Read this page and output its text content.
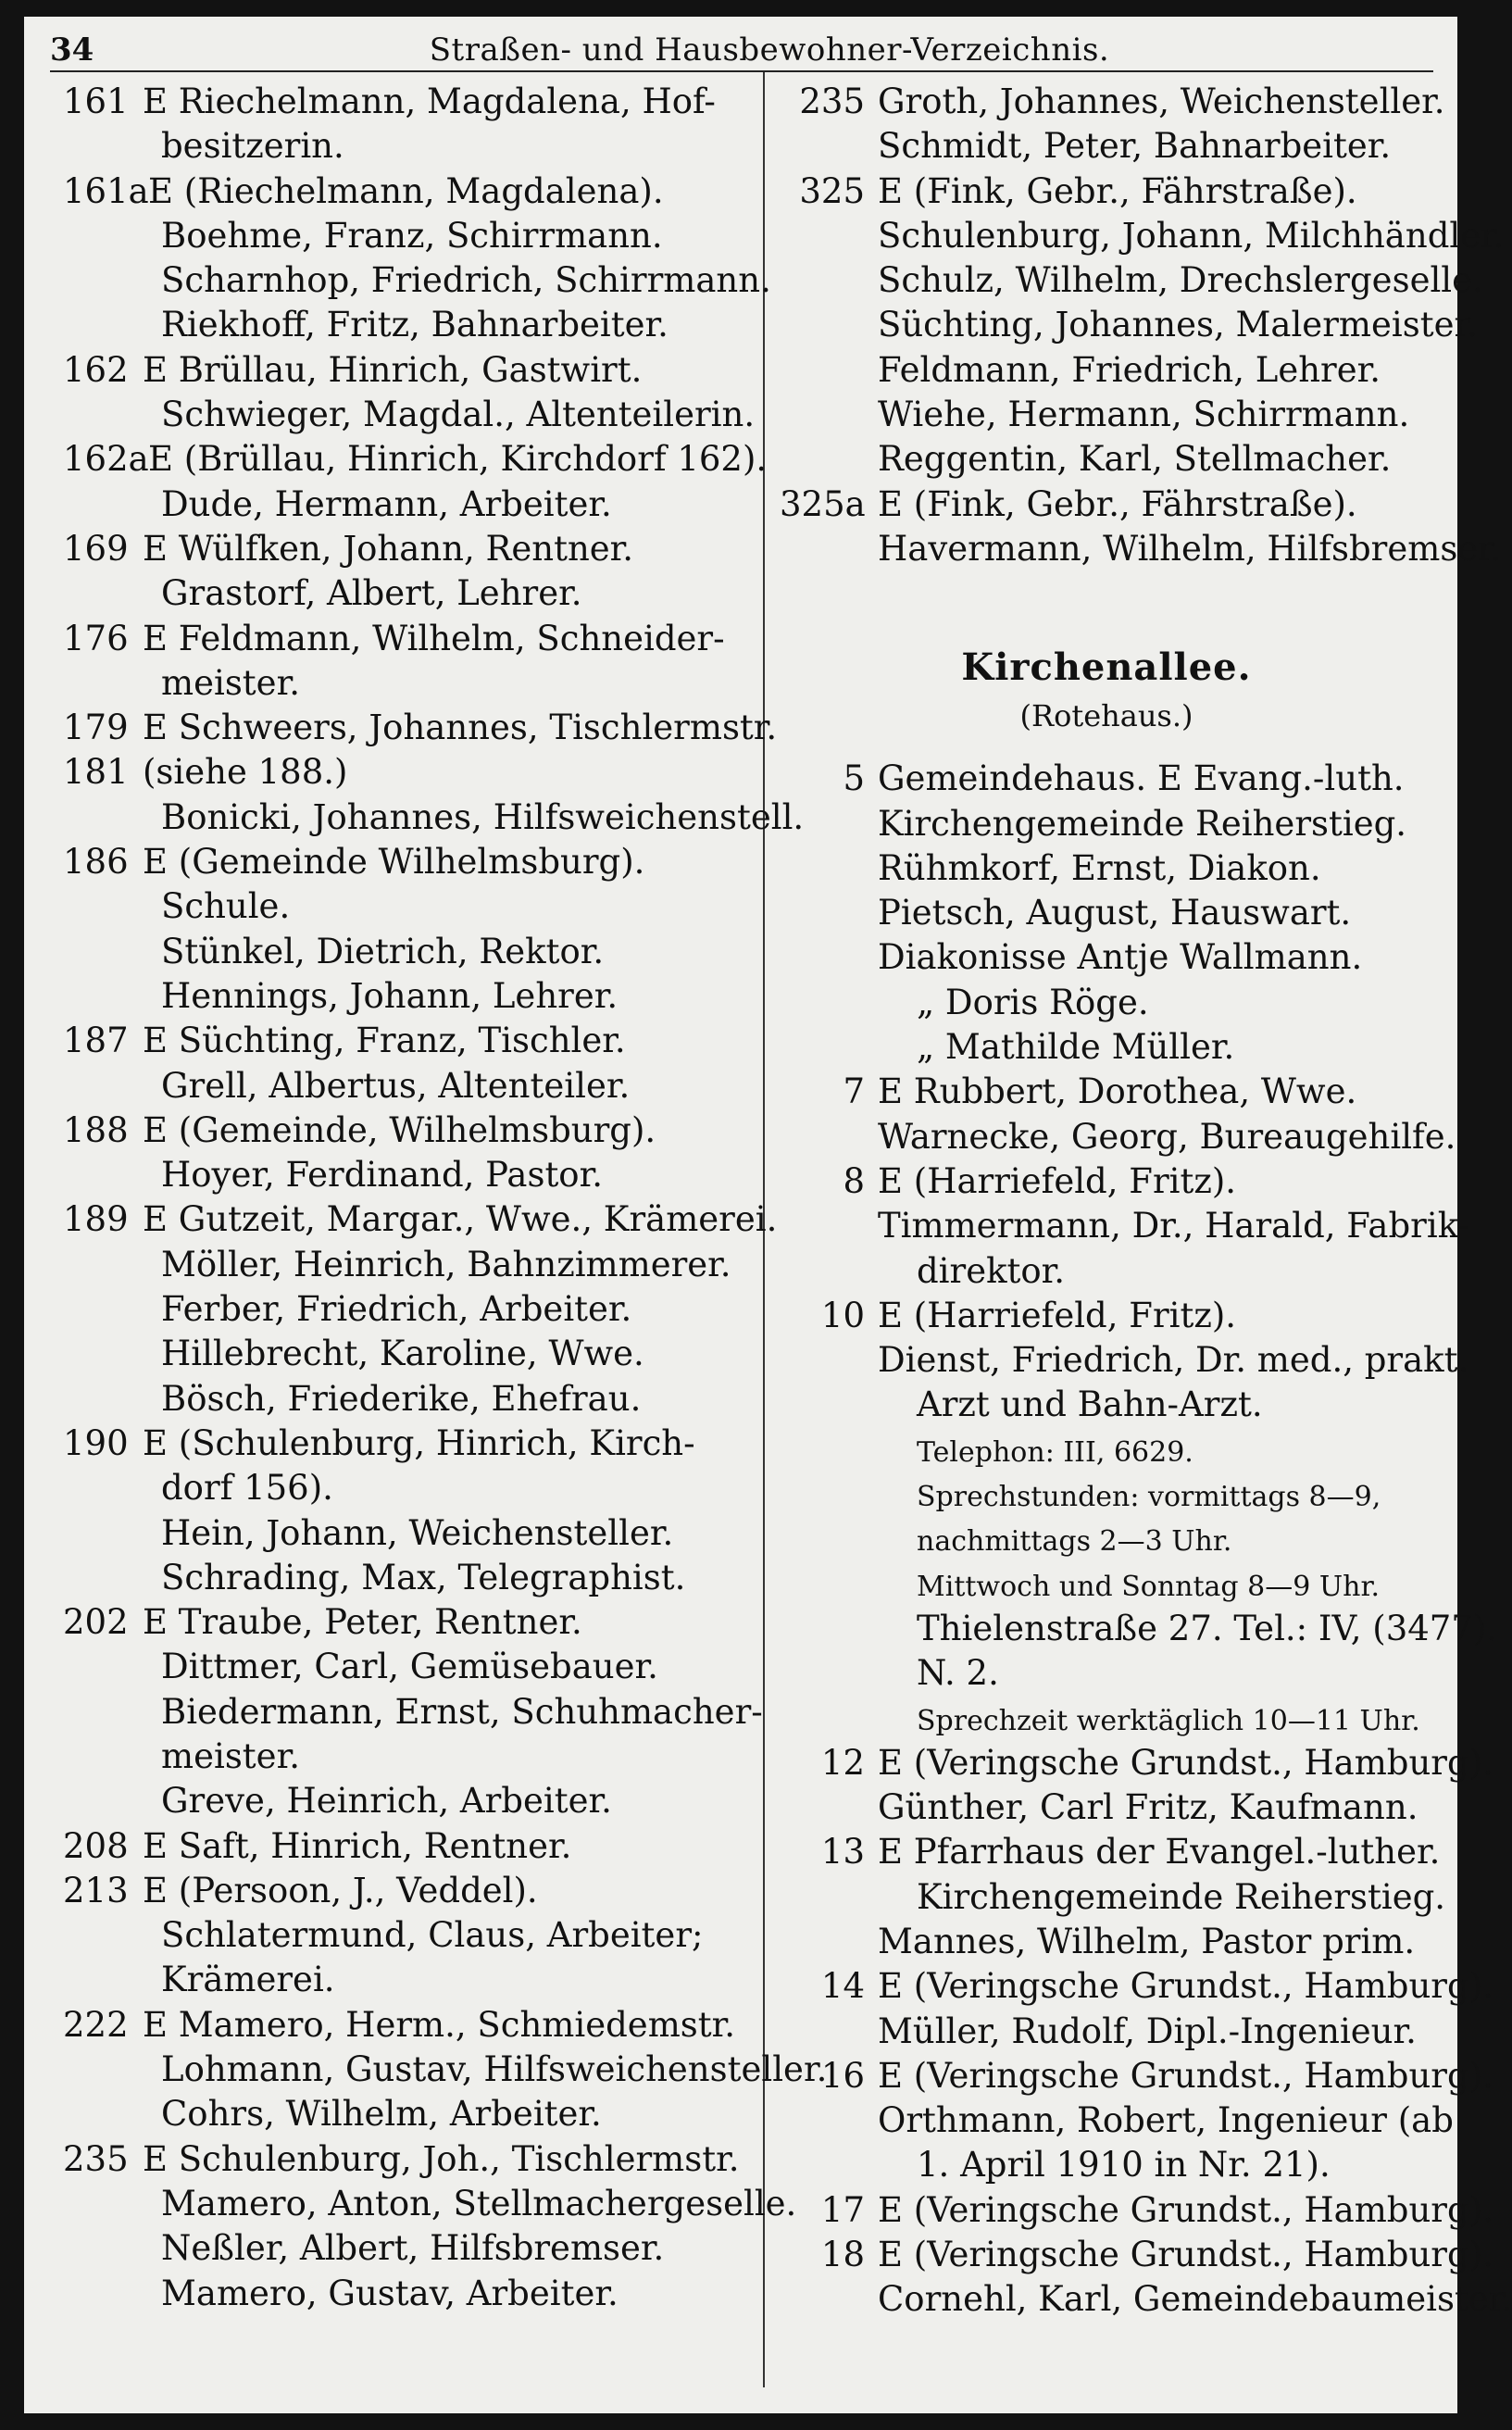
34	Straßen- und Hausbewohner-Verzeichnis.
161 E Riechelmann, Magdalena, Hof-
besitzerin.
161aE (Riechelmann, Magdalena).
Boehme, Franz, Schirrmann.
Scharnhop, Friedrich, Schirrmann.
Riekhoff, Fritz, Bahnarbeiter.
162 E Brüllau, Hinrich, Gastwirt.
Schwieger, Magdal., Altenteilerin.
162aE (Brüllau, Hinrich, Kirchdorf 162).
Dude, Hermann, Arbeiter.
169 E Wülfken, Johann, Rentner.
Grastorf, Albert, Lehrer.
176 E Feldmann, Wilhelm, Schneider-
meister.
179 E Schweers, Johannes, Tischlermstr.
181 (siehe 188.)
Bonicki, Johannes, Hilfsweichenstell.
186 E (Gemeinde Wilhelmsburg).
Schule.
Stünkel, Dietrich, Rektor.
Hennings, Johann, Lehrer.
187 E Süchting, Franz, Tischler.
Grell, Albertus, Altenteiler.
188 E (Gemeinde, Wilhelmsburg).
Hoyer, Ferdinand, Pastor.
189 E Gutzeit, Margar., Wwe., Krämerei.
Möller, Heinrich, Bahnzimmerer.
Ferber, Friedrich, Arbeiter.
Hillebrecht, Karoline, Wwe.
Bösch, Friederike, Ehefrau.
190 E (Schulenburg, Hinrich, Kirch-
dorf 156).
Hein, Johann, Weichensteller.
Schrading, Max, Telegraphist.
202 E Traube, Peter, Rentner.
Dittmer, Carl, Gemüsebauer.
Biedermann, Ernst, Schuhmacher-
meister.
Greve, Heinrich, Arbeiter.
208 E Saft, Hinrich, Rentner.
213 E (Persoon, J., Veddel).
Schlatermund, Claus, Arbeiter;
Krämerei.
222 E Mamero, Herm., Schmiedemstr.
Lohmann, Gustav, Hilfsweichensteller.
Cohrs, Wilhelm, Arbeiter.
235 E Schulenburg, Joh., Tischlermstr.
Mamero, Anton, Stellmachergeselle.
Neßler, Albert, Hilfsbremser.
Mamero, Gustav, Arbeiter.
235 Groth, Johannes, Weichensteller.
Schmidt, Peter, Bahnarbeiter.
325 E (Fink, Gebr., Fährstraße).
Schulenburg, Johann, Milchhändler.
Schulz, Wilhelm, Drechslergeselle.
Süchting, Johannes, Malermeister.
Feldmann, Friedrich, Lehrer.
Wiehe, Hermann, Schirrmann.
Reggentin, Karl, Stellmacher.
325a E (Fink, Gebr., Fährstraße).
Havermann, Wilhelm, Hilfsbremser.
Kirchenallee.
(Rotehaus.)
5 Gemeindehaus. E Evang.-luth.
Kirchengemeinde Reiherstieg.
Rühmkorf, Ernst, Diakon.
Pietsch, August, Hauswart.
Diakonisse Antje Wallmann.
„ Doris Röge.
„ Mathilde Müller.
7 E Rubbert, Dorothea, Wwe.
Warnecke, Georg, Bureaugehilfe.
8 E (Harriefeld, Fritz).
Timmermann, Dr., Harald, Fabrik-
direktor.
10 E (Harriefeld, Fritz).
Dienst, Friedrich, Dr. med., prakt.
Arzt und Bahn-Arzt.
Telephon: III, 6629.
Sprechstunden: vormittags 8—9,
nachmittags 2—3 Uhr.
Mittwoch und Sonntag 8—9 Uhr.
Thielenstraße 27. Tel.: IV, (3477).
N. 2.
Sprechzeit werktäglich 10—11 Uhr.
12 E (Veringsche Grundst., Hamburg).
Günther, Carl Fritz, Kaufmann.
13 E Pfarrhaus der Evangel.-luther.
Kirchengemeinde Reiherstieg.
Mannes, Wilhelm, Pastor prim.
14 E (Veringsche Grundst., Hamburg).
Müller, Rudolf, Dipl.-Ingenieur.
16 E (Veringsche Grundst., Hamburg).
Orthmann, Robert, Ingenieur (ab
1. April 1910 in Nr. 21).
17 E (Veringsche Grundst., Hamburg).
18 E (Veringsche Grundst., Hamburg).
Cornehl, Karl, Gemeindebaumeister.
